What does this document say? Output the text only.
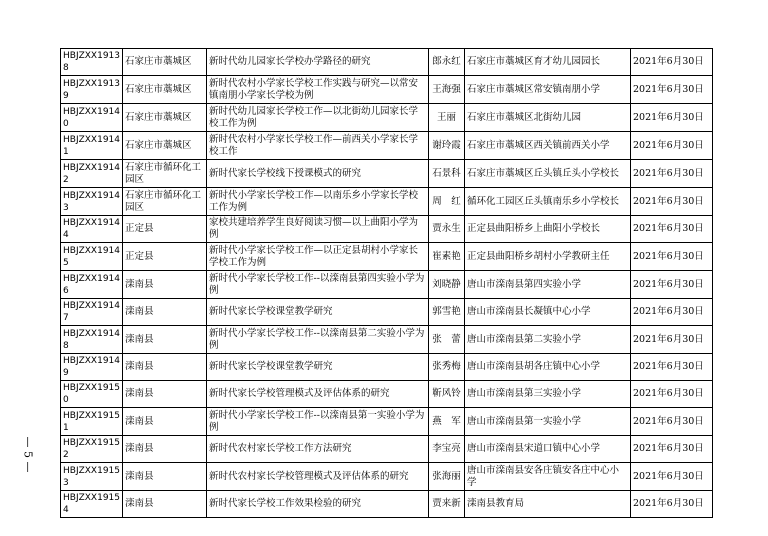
— 5 —
HBJZXX19138	石家庄市藁城区	新时代幼儿园家长学校办学路径的研究	郎永红	石家庄市藁城区育才幼儿园园长	2021年6月30日
HBJZXX19139	石家庄市藁城区	新时代农村小学家长学校工作实践与研究—以常安镇南朋小学家长学校为例	王海强	石家庄市藁城区常安镇南朋小学	2021年6月30日
HBJZXX19140	石家庄市藁城区	新时代幼儿园家长学校工作—以北街幼儿园家长学校工作为例	王丽	石家庄市藁城区北街幼儿园	2021年6月30日
HBJZXX19141	石家庄市藁城区	新时代农村小学家长学校工作—前西关小学家长学校工作	谢玲霞	石家庄市藁城区西关镇前西关小学	2021年6月30日
HBJZXX19142	石家庄市循环化工园区	新时代家长学校线下授课模式的研究	石景科	石家庄市藁城区丘头镇丘头小学校长	2021年6月30日
HBJZXX19143	石家庄市循环化工园区	新时代小学家长学校工作—以南乐乡小学家长学校工作为例	周　红	循环化工园区丘头镇南乐乡小学校长	2021年6月30日
HBJZXX19144	正定县	家校共建培养学生良好阅读习惯—以上曲阳小学为例	贾永生	正定县曲阳桥乡上曲阳小学校长	2021年6月30日
HBJZXX19145	正定县	新时代小学家长学校工作—以正定县胡村小学家长学校工作为例	崔素艳	正定县曲阳桥乡胡村小学教研主任	2021年6月30日
HBJZXX19146	滦南县	新时代小学家长学校工作--以滦南县第四实验小学为例	刘晓静	唐山市滦南县第四实验小学	2021年6月30日
HBJZXX19147	滦南县	新时代家长学校课堂教学研究	郭雪艳	唐山市滦南县长凝镇中心小学	2021年6月30日
HBJZXX19148	滦南县	新时代小学家长学校工作--以滦南县第二实验小学为例	张　蕾	唐山市滦南县第二实验小学	2021年6月30日
HBJZXX19149	滦南县	新时代家长学校课堂教学研究	张秀梅	唐山市滦南县胡各庄镇中心小学	2021年6月30日
HBJZXX19150	滦南县	新时代家长学校管理模式及评估体系的研究	靳风铃	唐山市滦南县第三实验小学	2021年6月30日
HBJZXX19151	滦南县	新时代小学家长学校工作--以滦南县第一实验小学为例	燕　军	唐山市滦南县第一实验小学	2021年6月30日
HBJZXX19152	滦南县	新时代农村家长学校工作方法研究	李宝亮	唐山市滦南县宋道口镇中心小学	2021年6月30日
HBJZXX19153	滦南县	新时代农村家长学校管理模式及评估体系的研究	张海丽	唐山市滦南县安各庄镇安各庄中心小学	2021年6月30日
HBJZXX19154	滦南县	新时代家长学校工作效果检验的研究	贾来新	滦南县教育局	2021年6月30日
